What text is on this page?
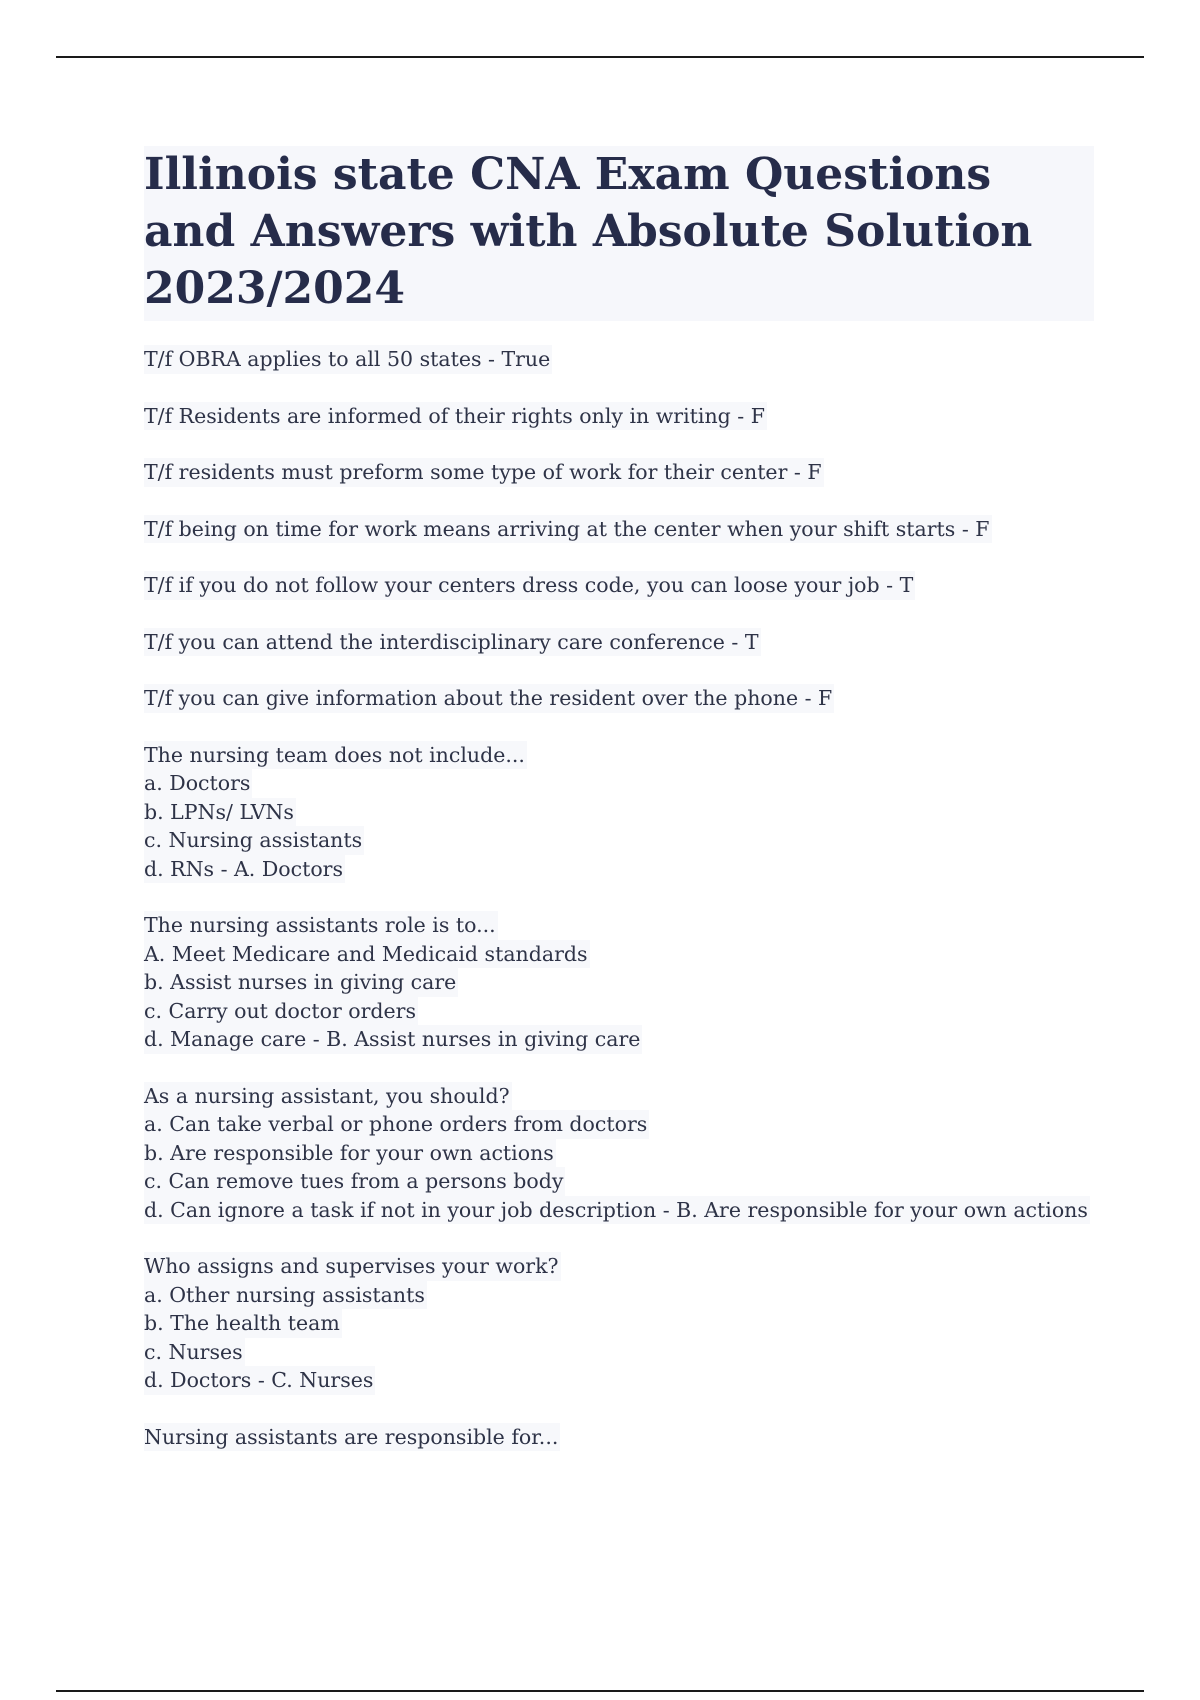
Illinois state CNA Exam Questions and Answers with Absolute Solution 2023/2024
T/f OBRA applies to all 50 states - True
T/f Residents are informed of their rights only in writing - F
T/f residents must preform some type of work for their center - F
T/f being on time for work means arriving at the center when your shift starts - F
T/f if you do not follow your centers dress code, you can loose your job - T
T/f you can attend the interdisciplinary care conference - T
T/f you can give information about the resident over the phone - F
The nursing team does not include...
a. Doctors
b. LPNs/ LVNs
c. Nursing assistants
d. RNs - A. Doctors
The nursing assistants role is to...
A. Meet Medicare and Medicaid standards
b. Assist nurses in giving care
c. Carry out doctor orders
d. Manage care - B. Assist nurses in giving care
As a nursing assistant, you should?
a. Can take verbal or phone orders from doctors
b. Are responsible for your own actions
c. Can remove tues from a persons body
d. Can ignore a task if not in your job description - B. Are responsible for your own actions
Who assigns and supervises your work?
a. Other nursing assistants
b. The health team
c. Nurses
d. Doctors - C. Nurses
Nursing assistants are responsible for...
